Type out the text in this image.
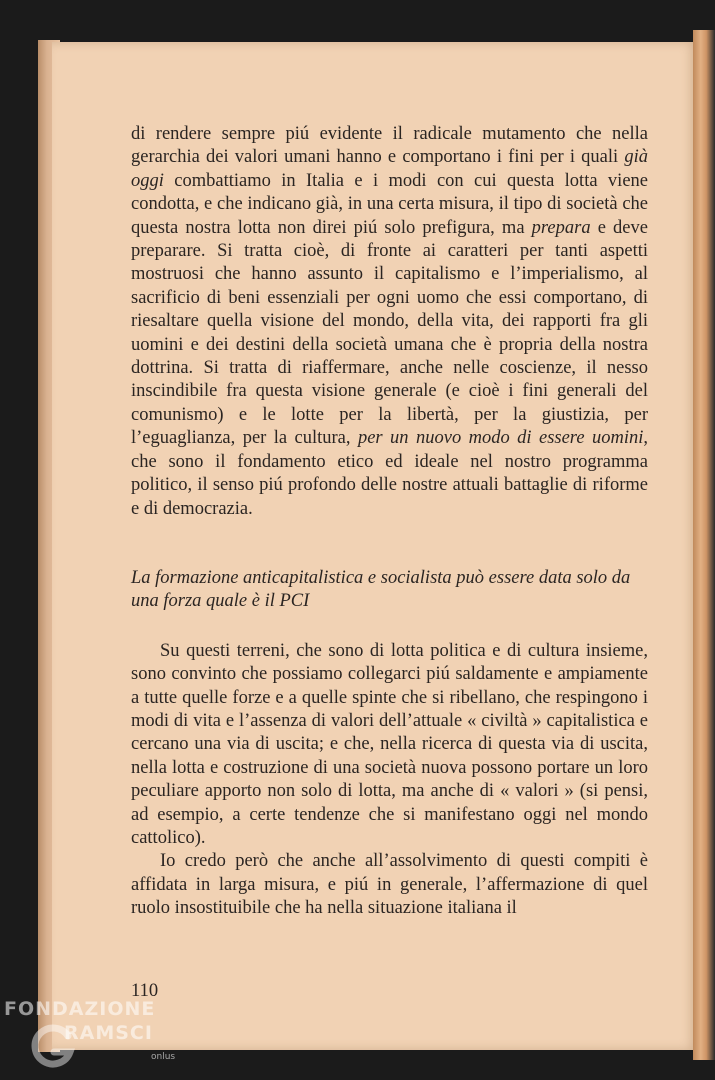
di rendere sempre piú evidente il radicale mutamento che nella gerarchia dei valori umani hanno e comportano i fini per i quali già oggi combattiamo in Italia e i modi con cui questa lotta viene condotta, e che indicano già, in una certa misura, il tipo di società che questa nostra lotta non direi piú solo prefigura, ma prepara e deve preparare. Si tratta cioè, di fronte ai caratteri per tanti aspetti mostruosi che hanno assunto il capitalismo e l’imperialismo, al sacrificio di beni essenziali per ogni uomo che essi comportano, di riesaltare quella visione del mondo, della vita, dei rapporti fra gli uomini e dei destini della società umana che è propria della nostra dottrina. Si tratta di riaffermare, anche nelle coscienze, il nesso inscindibile fra questa visione generale (e cioè i fini generali del comunismo) e le lotte per la libertà, per la giustizia, per l’eguaglianza, per la cultura, per un nuovo modo di essere uomini, che sono il fondamento etico ed ideale nel nostro programma politico, il senso piú profondo delle nostre attuali battaglie di riforme e di democrazia.

La formazione anticapitalistica e socialista può essere data solo da una forza quale è il PCI

Su questi terreni, che sono di lotta politica e di cultura insieme, sono convinto che possiamo collegarci piú saldamente e ampiamente a tutte quelle forze e a quelle spinte che si ribellano, che respingono i modi di vita e l’assenza di valori dell’attuale « civiltà » capitalistica e cercano una via di uscita; e che, nella ricerca di questa via di uscita, nella lotta e costruzione di una società nuova possono portare un loro peculiare apporto non solo di lotta, ma anche di « valori » (si pensi, ad esempio, a certe tendenze che si manifestano oggi nel mondo cattolico).

Io credo però che anche all’assolvimento di questi compiti è affidata in larga misura, e piú in generale, l’affermazione di quel ruolo insostituibile che ha nella situazione italiana il

110
FONDAZIONE
RAMSCI
onlus
